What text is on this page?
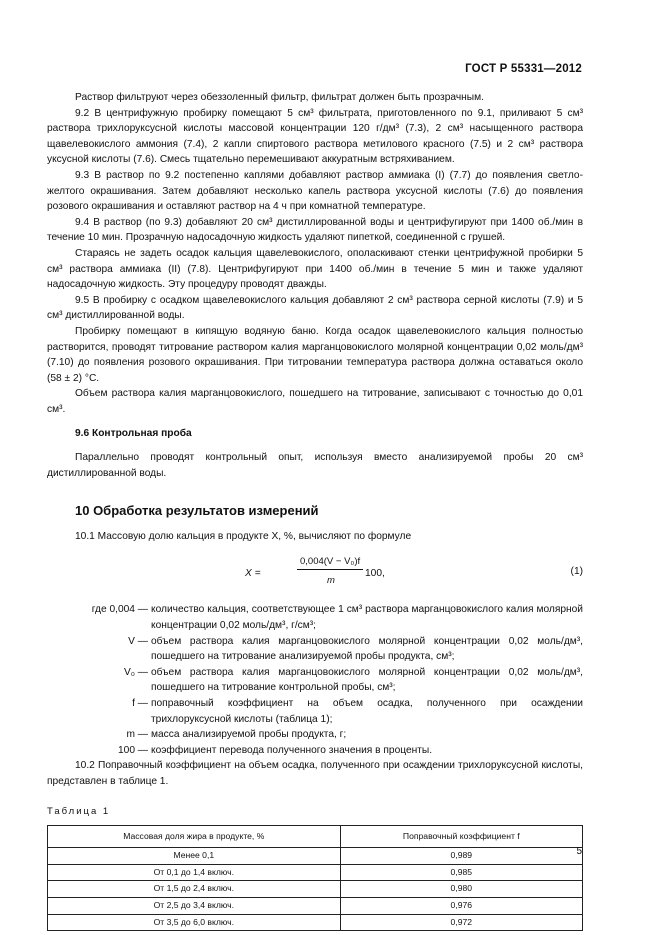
ГОСТ Р 55331—2012

Раствор фильтруют через обеззоленный фильтр, фильтрат должен быть прозрачным.

9.2 В центрифужную пробирку помещают 5 см³ фильтрата, приготовленного по 9.1, приливают 5 см³ раствора трихлоруксусной кислоты массовой концентрации 120 г/дм³ (7.3), 2 см³ насыщенного раствора щавелевокислого аммония (7.4), 2 капли спиртового раствора метилового красного (7.5) и 2 см³ раствора уксусной кислоты (7.6). Смесь тщательно перемешивают аккуратным встряхиванием.

9.3 В раствор по 9.2 постепенно каплями добавляют раствор аммиака (I) (7.7) до появления светло-желтого окрашивания. Затем добавляют несколько капель раствора уксусной кислоты (7.6) до появления розового окрашивания и оставляют раствор на 4 ч при комнатной температуре.

9.4 В раствор (по 9.3) добавляют 20 см³ дистиллированной воды и центрифугируют при 1400 об./мин в течение 10 мин. Прозрачную надосадочную жидкость удаляют пипеткой, соединенной с грушей.

Стараясь не задеть осадок кальция щавелевокислого, ополаскивают стенки центрифужной пробирки 5 см³ раствора аммиака (II) (7.8). Центрифугируют при 1400 об./мин в течение 5 мин и также удаляют надосадочную жидкость. Эту процедуру проводят дважды.

9.5 В пробирку с осадком щавелевокислого кальция добавляют 2 см³ раствора серной кислоты (7.9) и 5 см³ дистиллированной воды.

Пробирку помещают в кипящую водяную баню. Когда осадок щавелевокислого кальция полностью растворится, проводят титрование раствором калия марганцовокислого молярной концентрации 0,02 моль/дм³ (7.10) до появления розового окрашивания. При титровании температура раствора должна оставаться около (58 ± 2) °С.

Объем раствора калия марганцовокислого, пошедшего на титрование, записывают с точностью до 0,01 см³.

9.6 Контрольная проба

Параллельно проводят контрольный опыт, используя вместо анализируемой пробы 20 см³ дистиллированной воды.

10 Обработка результатов измерений

10.1 Массовую долю кальция в продукте X, %, вычисляют по формуле

X =
0,004(V − V₀)f
m
100,	(1)
где 0,004 — количество кальция, соответствующее 1 см³ раствора марганцовокислого калия молярной концентрации 0,02 моль/дм³, г/см³;
V — объем раствора калия марганцовокислого молярной концентрации 0,02 моль/дм³, пошедшего на титрование анализируемой пробы продукта, см³;
V₀ — объем раствора калия марганцовокислого молярной концентрации 0,02 моль/дм³, пошедшего на титрование контрольной пробы, см³;
f — поправочный коэффициент на объем осадка, полученного при осаждении трихлоруксусной кислоты (таблица 1);
m — масса анализируемой пробы продукта, г;
100 — коэффициент перевода полученного значения в проценты.

10.2 Поправочный коэффициент на объем осадка, полученного при осаждении трихлоруксусной кислоты, представлен в таблице 1.

Таблица 1
Массовая доля жира в продукте, %	Поправочный коэффициент f
Менее 0,1	0,989
От 0,1 до 1,4 включ.	0,985
От 1,5 до 2,4 включ.	0,980
От 2,5 до 3,4 включ.	0,976
От 3,5 до 6,0 включ.	0,972
5
